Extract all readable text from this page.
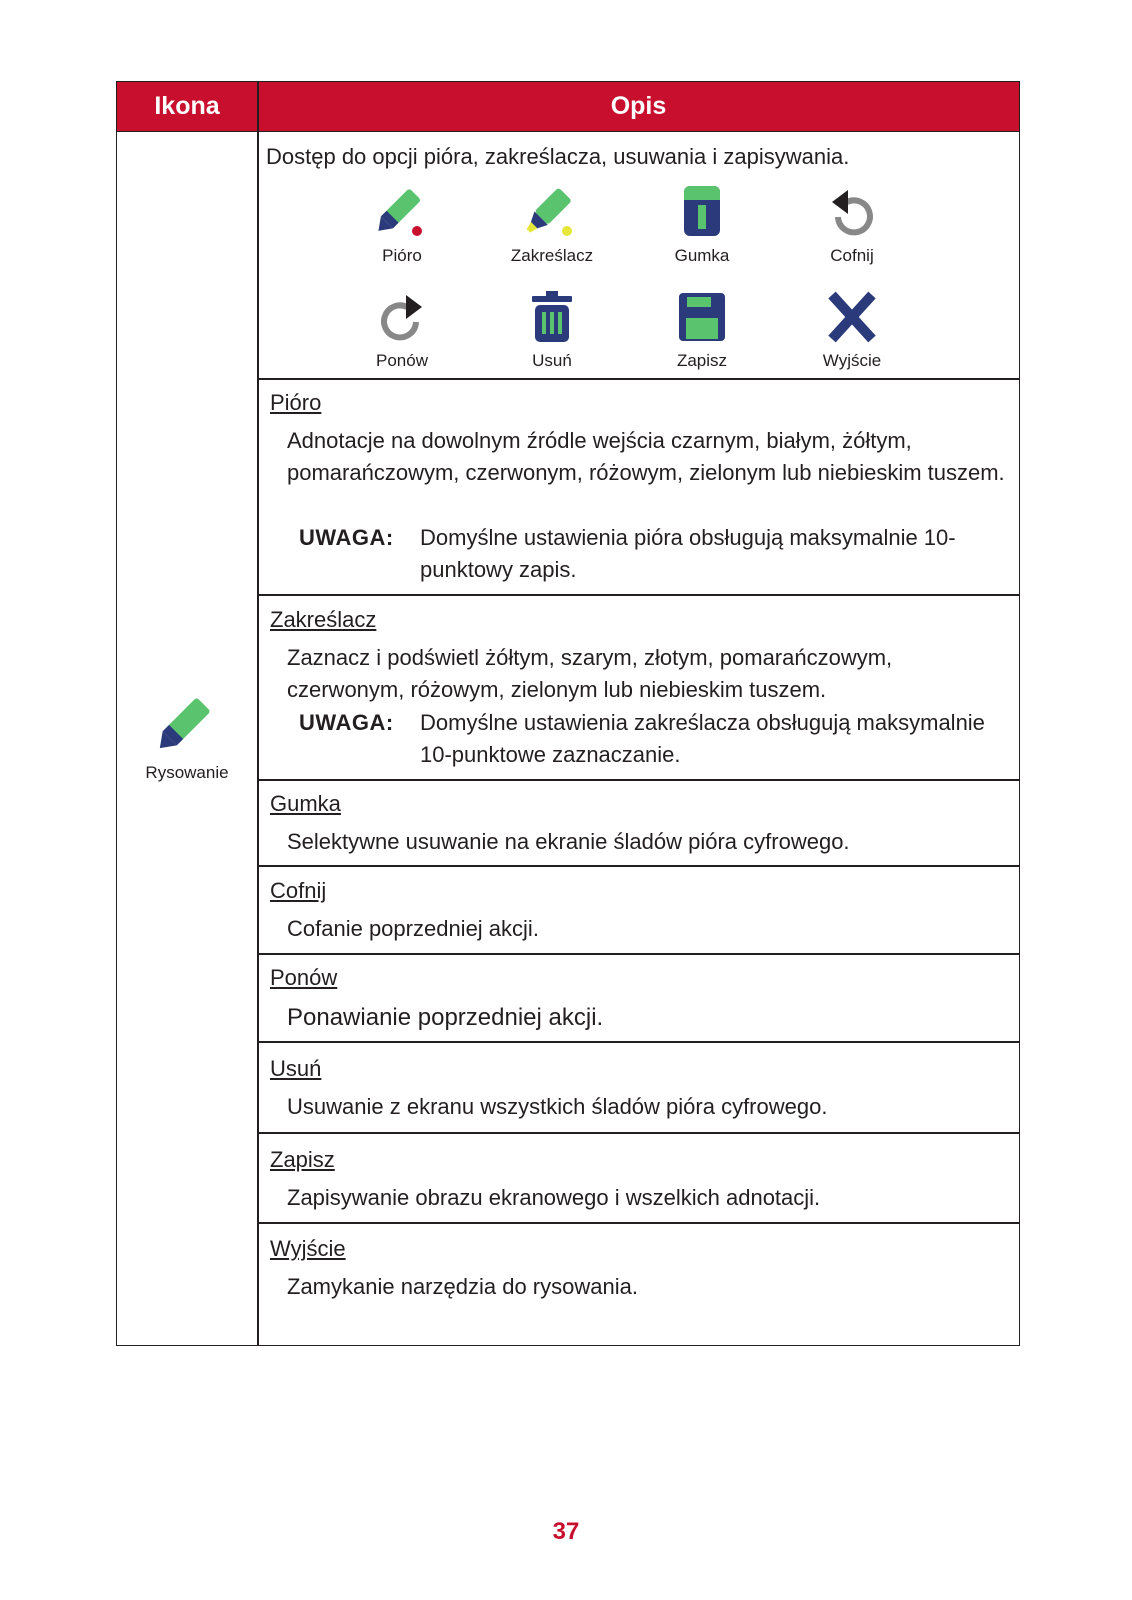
Ikona	Opis
Rysowanie
Dostęp do opcji pióra, zakreślacza, usuwania i zapisywania.
Pióro	Zakreślacz	Gumka	Cofnij
Ponów	Usuń	Zapisz	Wyjście
Pióro
Adnotacje na dowolnym źródle wejścia czarnym, białym, żółtym, pomarańczowym, czerwonym, różowym, zielonym lub niebieskim tuszem.
UWAGA: Domyślne ustawienia pióra obsługują maksymalnie 10-punktowy zapis.
Zakreślacz
Zaznacz i podświetl żółtym, szarym, złotym, pomarańczowym, czerwonym, różowym, zielonym lub niebieskim tuszem.
UWAGA: Domyślne ustawienia zakreślacza obsługują maksymalnie 10-punktowe zaznaczanie.
Gumka
Selektywne usuwanie na ekranie śladów pióra cyfrowego.
Cofnij
Cofanie poprzedniej akcji.
Ponów
Ponawianie poprzedniej akcji.
Usuń
Usuwanie z ekranu wszystkich śladów pióra cyfrowego.
Zapisz
Zapisywanie obrazu ekranowego i wszelkich adnotacji.
Wyjście
Zamykanie narzędzia do rysowania.
37
